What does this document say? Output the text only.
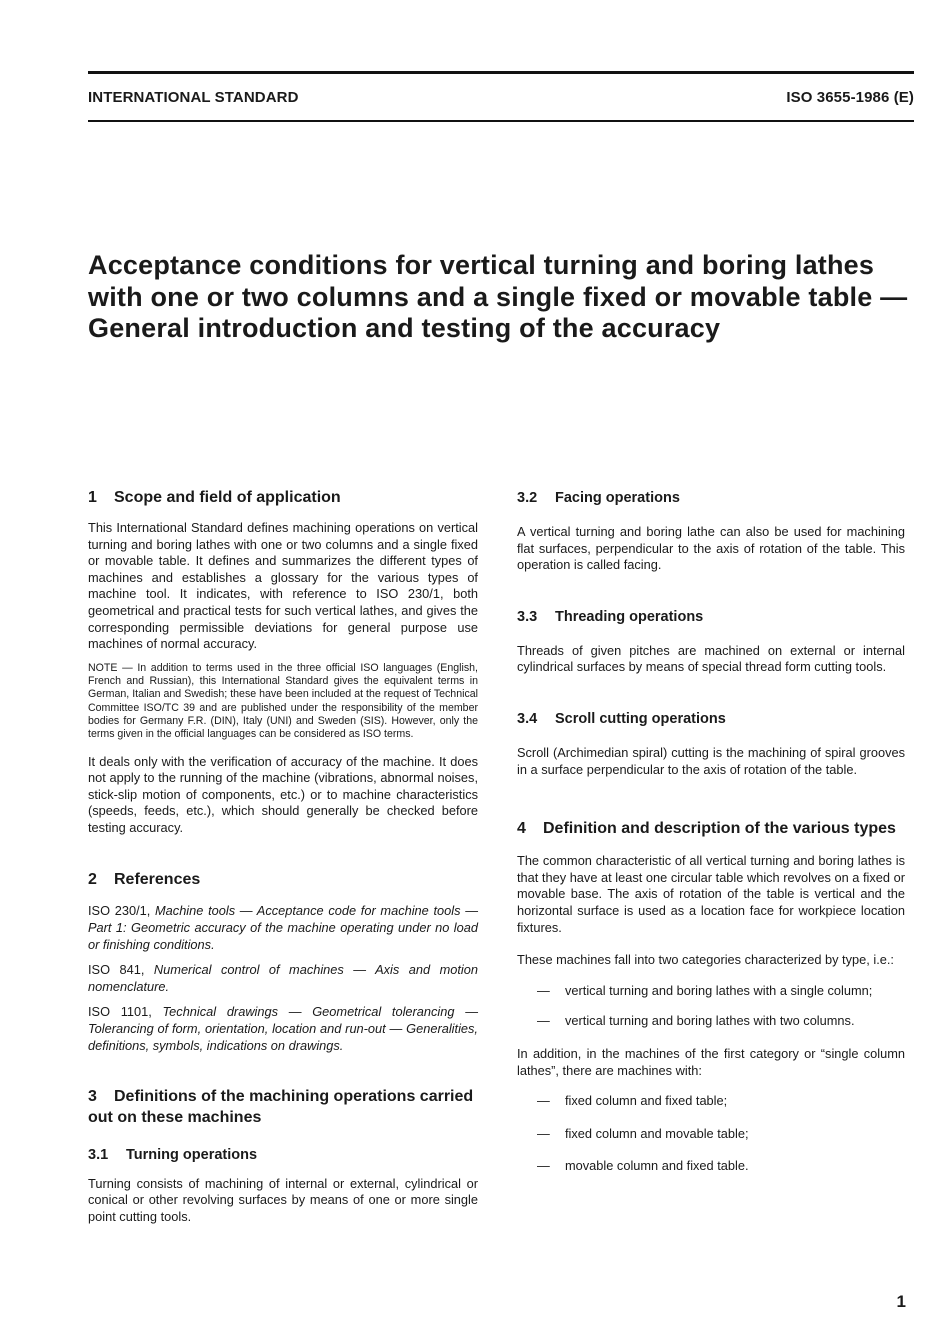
INTERNATIONAL STANDARD	ISO 3655-1986 (E)
Acceptance conditions for vertical turning and boring lathes with one or two columns and a single fixed or movable table — General introduction and testing of the accuracy
1 Scope and field of application

This International Standard defines machining operations on vertical turning and boring lathes with one or two columns and a single fixed or movable table. It defines and summarizes the different types of machines and establishes a glossary for the various types of machine tool. It indicates, with reference to ISO 230/1, both geometrical and practical tests for such vertical lathes, and gives the corresponding permissible deviations for general purpose use machines of normal accuracy.

NOTE — In addition to terms used in the three official ISO languages (English, French and Russian), this International Standard gives the equivalent terms in German, Italian and Swedish; these have been included at the request of Technical Committee ISO/TC 39 and are published under the responsibility of the member bodies for Germany F.R. (DIN), Italy (UNI) and Sweden (SIS). However, only the terms given in the official languages can be considered as ISO terms.

It deals only with the verification of accuracy of the machine. It does not apply to the running of the machine (vibrations, abnormal noises, stick-slip motion of components, etc.) or to machine characteristics (speeds, feeds, etc.), which should generally be checked before testing accuracy.

2 References

ISO 230/1, Machine tools — Acceptance code for machine tools — Part 1: Geometric accuracy of the machine operating under no load or finishing conditions.

ISO 841, Numerical control of machines — Axis and motion nomenclature.

ISO 1101, Technical drawings — Geometrical tolerancing — Tolerancing of form, orientation, location and run-out — Generalities, definitions, symbols, indications on drawings.

3 Definitions of the machining operations carried out on these machines
3.1 Turning operations

Turning consists of machining of internal or external, cylindrical or conical or other revolving surfaces by means of one or more single point cutting tools.

3.2 Facing operations

A vertical turning and boring lathe can also be used for machining flat surfaces, perpendicular to the axis of rotation of the table. This operation is called facing.

3.3 Threading operations

Threads of given pitches are machined on external or internal cylindrical surfaces by means of special thread form cutting tools.

3.4 Scroll cutting operations

Scroll (Archimedian spiral) cutting is the machining of spiral grooves in a surface perpendicular to the axis of rotation of the table.

4 Definition and description of the various types

The common characteristic of all vertical turning and boring lathes is that they have at least one circular table which revolves on a fixed or movable base. The axis of rotation of the table is vertical and the horizontal surface is used as a location face for workpiece location fixtures.

These machines fall into two categories characterized by type, i.e.:

— vertical turning and boring lathes with a single column;
— vertical turning and boring lathes with two columns.

In addition, in the machines of the first category or “single column lathes”, there are machines with:

— fixed column and fixed table;
— fixed column and movable table;
— movable column and fixed table.
1
